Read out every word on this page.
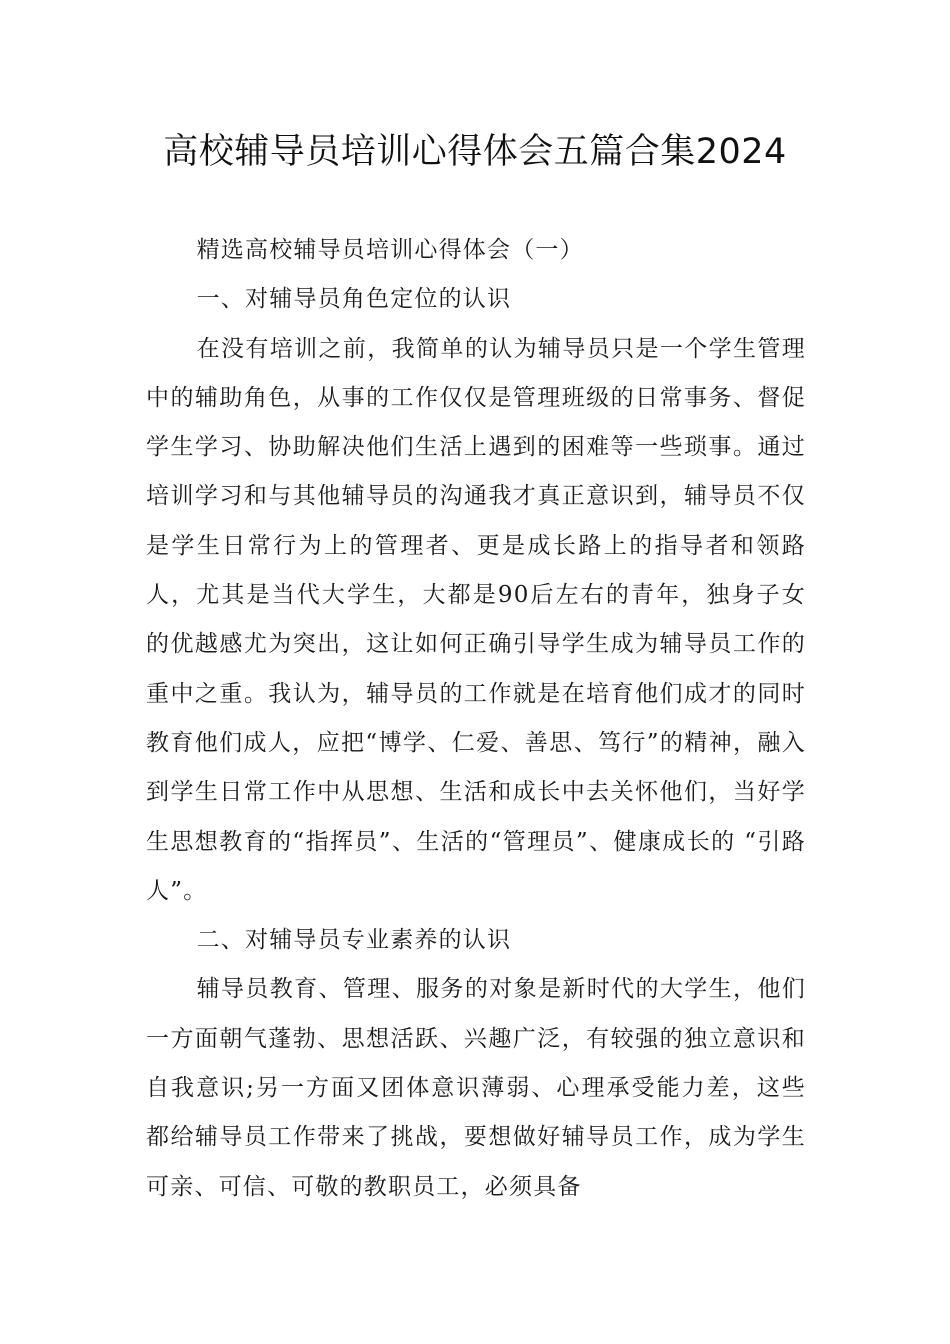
高校辅导员培训心得体会五篇合集2024

精选高校辅导员培训心得体会（一）

一、对辅导员角色定位的认识

在没有培训之前，我简单的认为辅导员只是一个学生管理中的辅助角色，从事的工作仅仅是管理班级的日常事务、督促学生学习、协助解决他们生活上遇到的困难等一些琐事。通过培训学习和与其他辅导员的沟通我才真正意识到，辅导员不仅是学生日常行为上的管理者、更是成长路上的指导者和领路人，尤其是当代大学生，大都是90后左右的青年，独身子女的优越感尤为突出，这让如何正确引导学生成为辅导员工作的重中之重。我认为，辅导员的工作就是在培育他们成才的同时教育他们成人，应把“博学、仁爱、善思、笃行”的精神，融入到学生日常工作中从思想、生活和成长中去关怀他们，当好学生思想教育的“指挥员”、生活的“管理员”、健康成长的 “引路人”。

二、对辅导员专业素养的认识

辅导员教育、管理、服务的对象是新时代的大学生，他们一方面朝气蓬勃、思想活跃、兴趣广泛，有较强的独立意识和自我意识;另一方面又团体意识薄弱、心理承受能力差，这些都给辅导员工作带来了挑战，要想做好辅导员工作，成为学生可亲、可信、可敬的教职员工，必须具备
